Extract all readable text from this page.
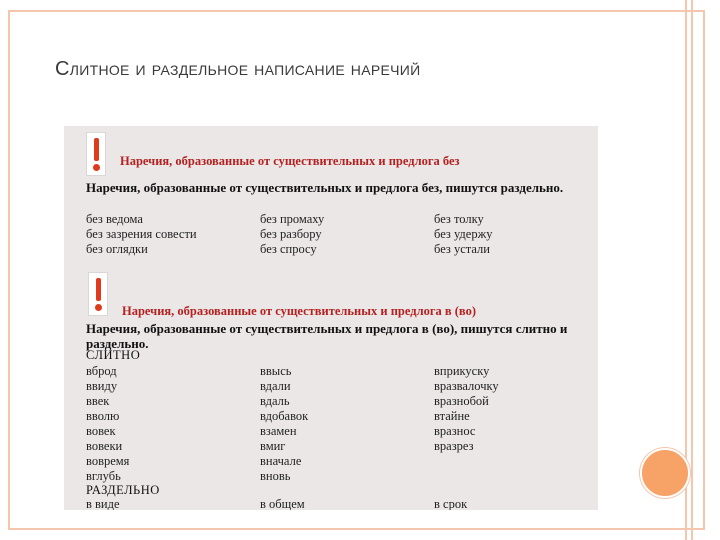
Слитное и раздельное написание наречий
Наречия, образованные от существительных и предлога без
Наречия, образованные от существительных и предлога без, пишутся раздельно.
без ведома	без промаху	без толку
без зазрения совести	без разбору	без удержу
без оглядки	без спросу	без устали
Наречия, образованные от существительных и предлога в (во)
Наречия, образованные от существительных и предлога в (во), пишутся слитно и раздельно.
СЛИТНО
вброд	ввысь	вприкуску
ввиду	вдали	вразвалочку
ввек	вдаль	вразнобой
вволю	вдобавок	втайне
вовек	взамен	вразнос
вовеки	вмиг	вразрез
вовремя	вначале
вглубь	вновь
РАЗДЕЛЬНО
в виде	в общем	в срок
